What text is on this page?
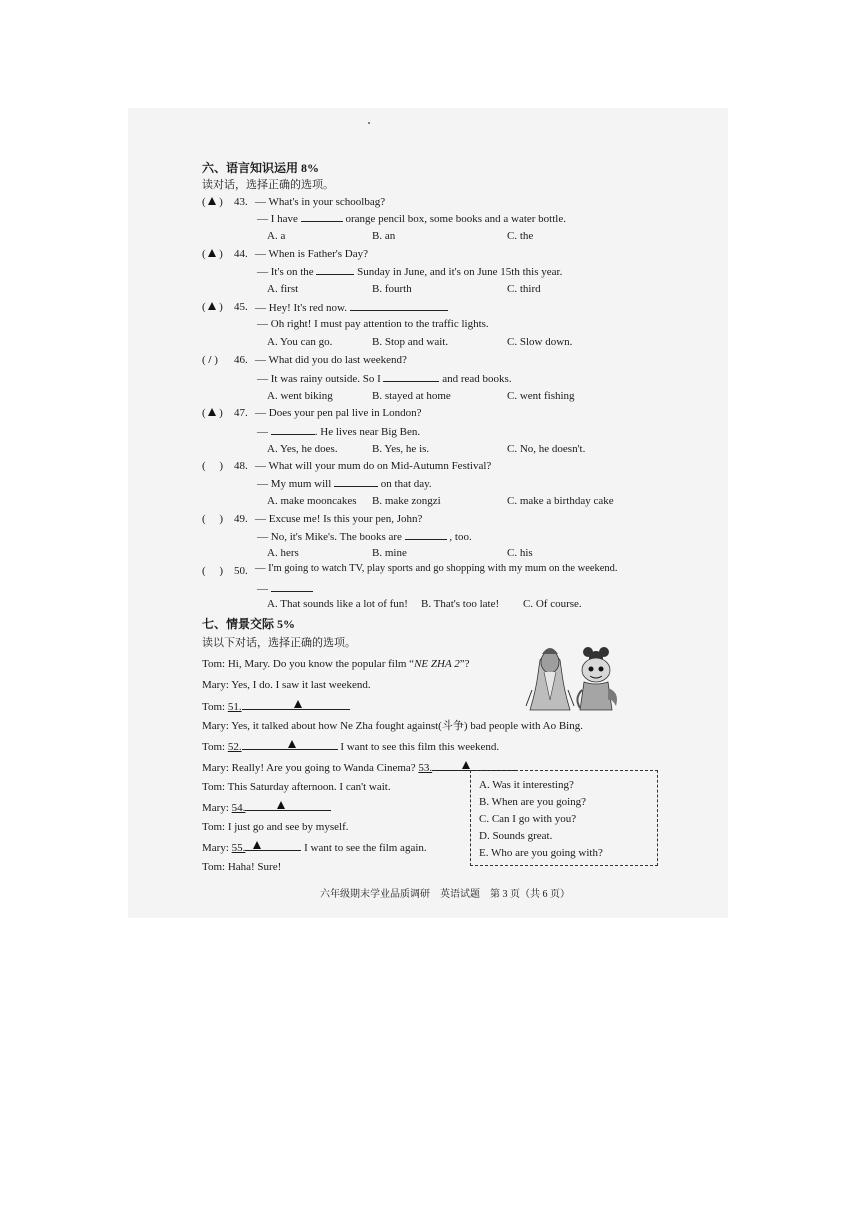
六、语言知识运用 8%
读对话，选择正确的选项。
(  ) 43. — What's in your schoolbag?
— I have	orange pencil box, some books and a water bottle.
A. a	B. an	C. the
(  ) 44. — When is Father's Day?
— It's on the	Sunday in June, and it's on June 15th this year.
A. first	B. fourth	C. third
(  ) 45. — Hey! It's red now.
— Oh right! I must pay attention to the traffic lights.
A. You can go.	B. Stop and wait.	C. Slow down.
( / ) 46. — What did you do last weekend?
— It was rainy outside. So I	and read books.
A. went biking	B. stayed at home	C. went fishing
(  ) 47. — Does your pen pal live in London?
—	. He lives near Big Ben.
A. Yes, he does.	B. Yes, he is.	C. No, he doesn't.
(     ) 48. — What will your mum do on Mid-Autumn Festival?
— My mum will	on that day.
A. make mooncakes B. make zongzi	C. make a birthday cake
(     ) 49. — Excuse me! Is this your pen, John?
— No, it's Mike's. The books are	, too.
A. hers	B. mine	C. his
(     ) 50. — I'm going to watch TV, play sports and go shopping with my mum on the weekend.
—
A. That sounds like a lot of fun! B. That's too late! C. Of course.
七、情景交际 5%
读以下对话，选择正确的选项。
Tom: Hi, Mary. Do you know the popular film “NE ZHA 2”?
Mary: Yes, I do. I saw it last weekend.
Tom: 51.
Mary: Yes, it talked about how Ne Zha fought against(斗争) bad people with Ao Bing.
Tom: 52.	I want to see this film this weekend.
Mary: Really! Are you going to Wanda Cinema? 53.
Tom: This Saturday afternoon. I can't wait.
Mary: 54.
Tom: I just go and see by myself.
Mary: 55.	I want to see the film again.
Tom: Haha! Sure!
A. Was it interesting?
B. When are you going?
C. Can I go with you?
D. Sounds great.
E. Who are you going with?
六年级期末学业品质调研　英语试题　第 3 页（共 6 页）
